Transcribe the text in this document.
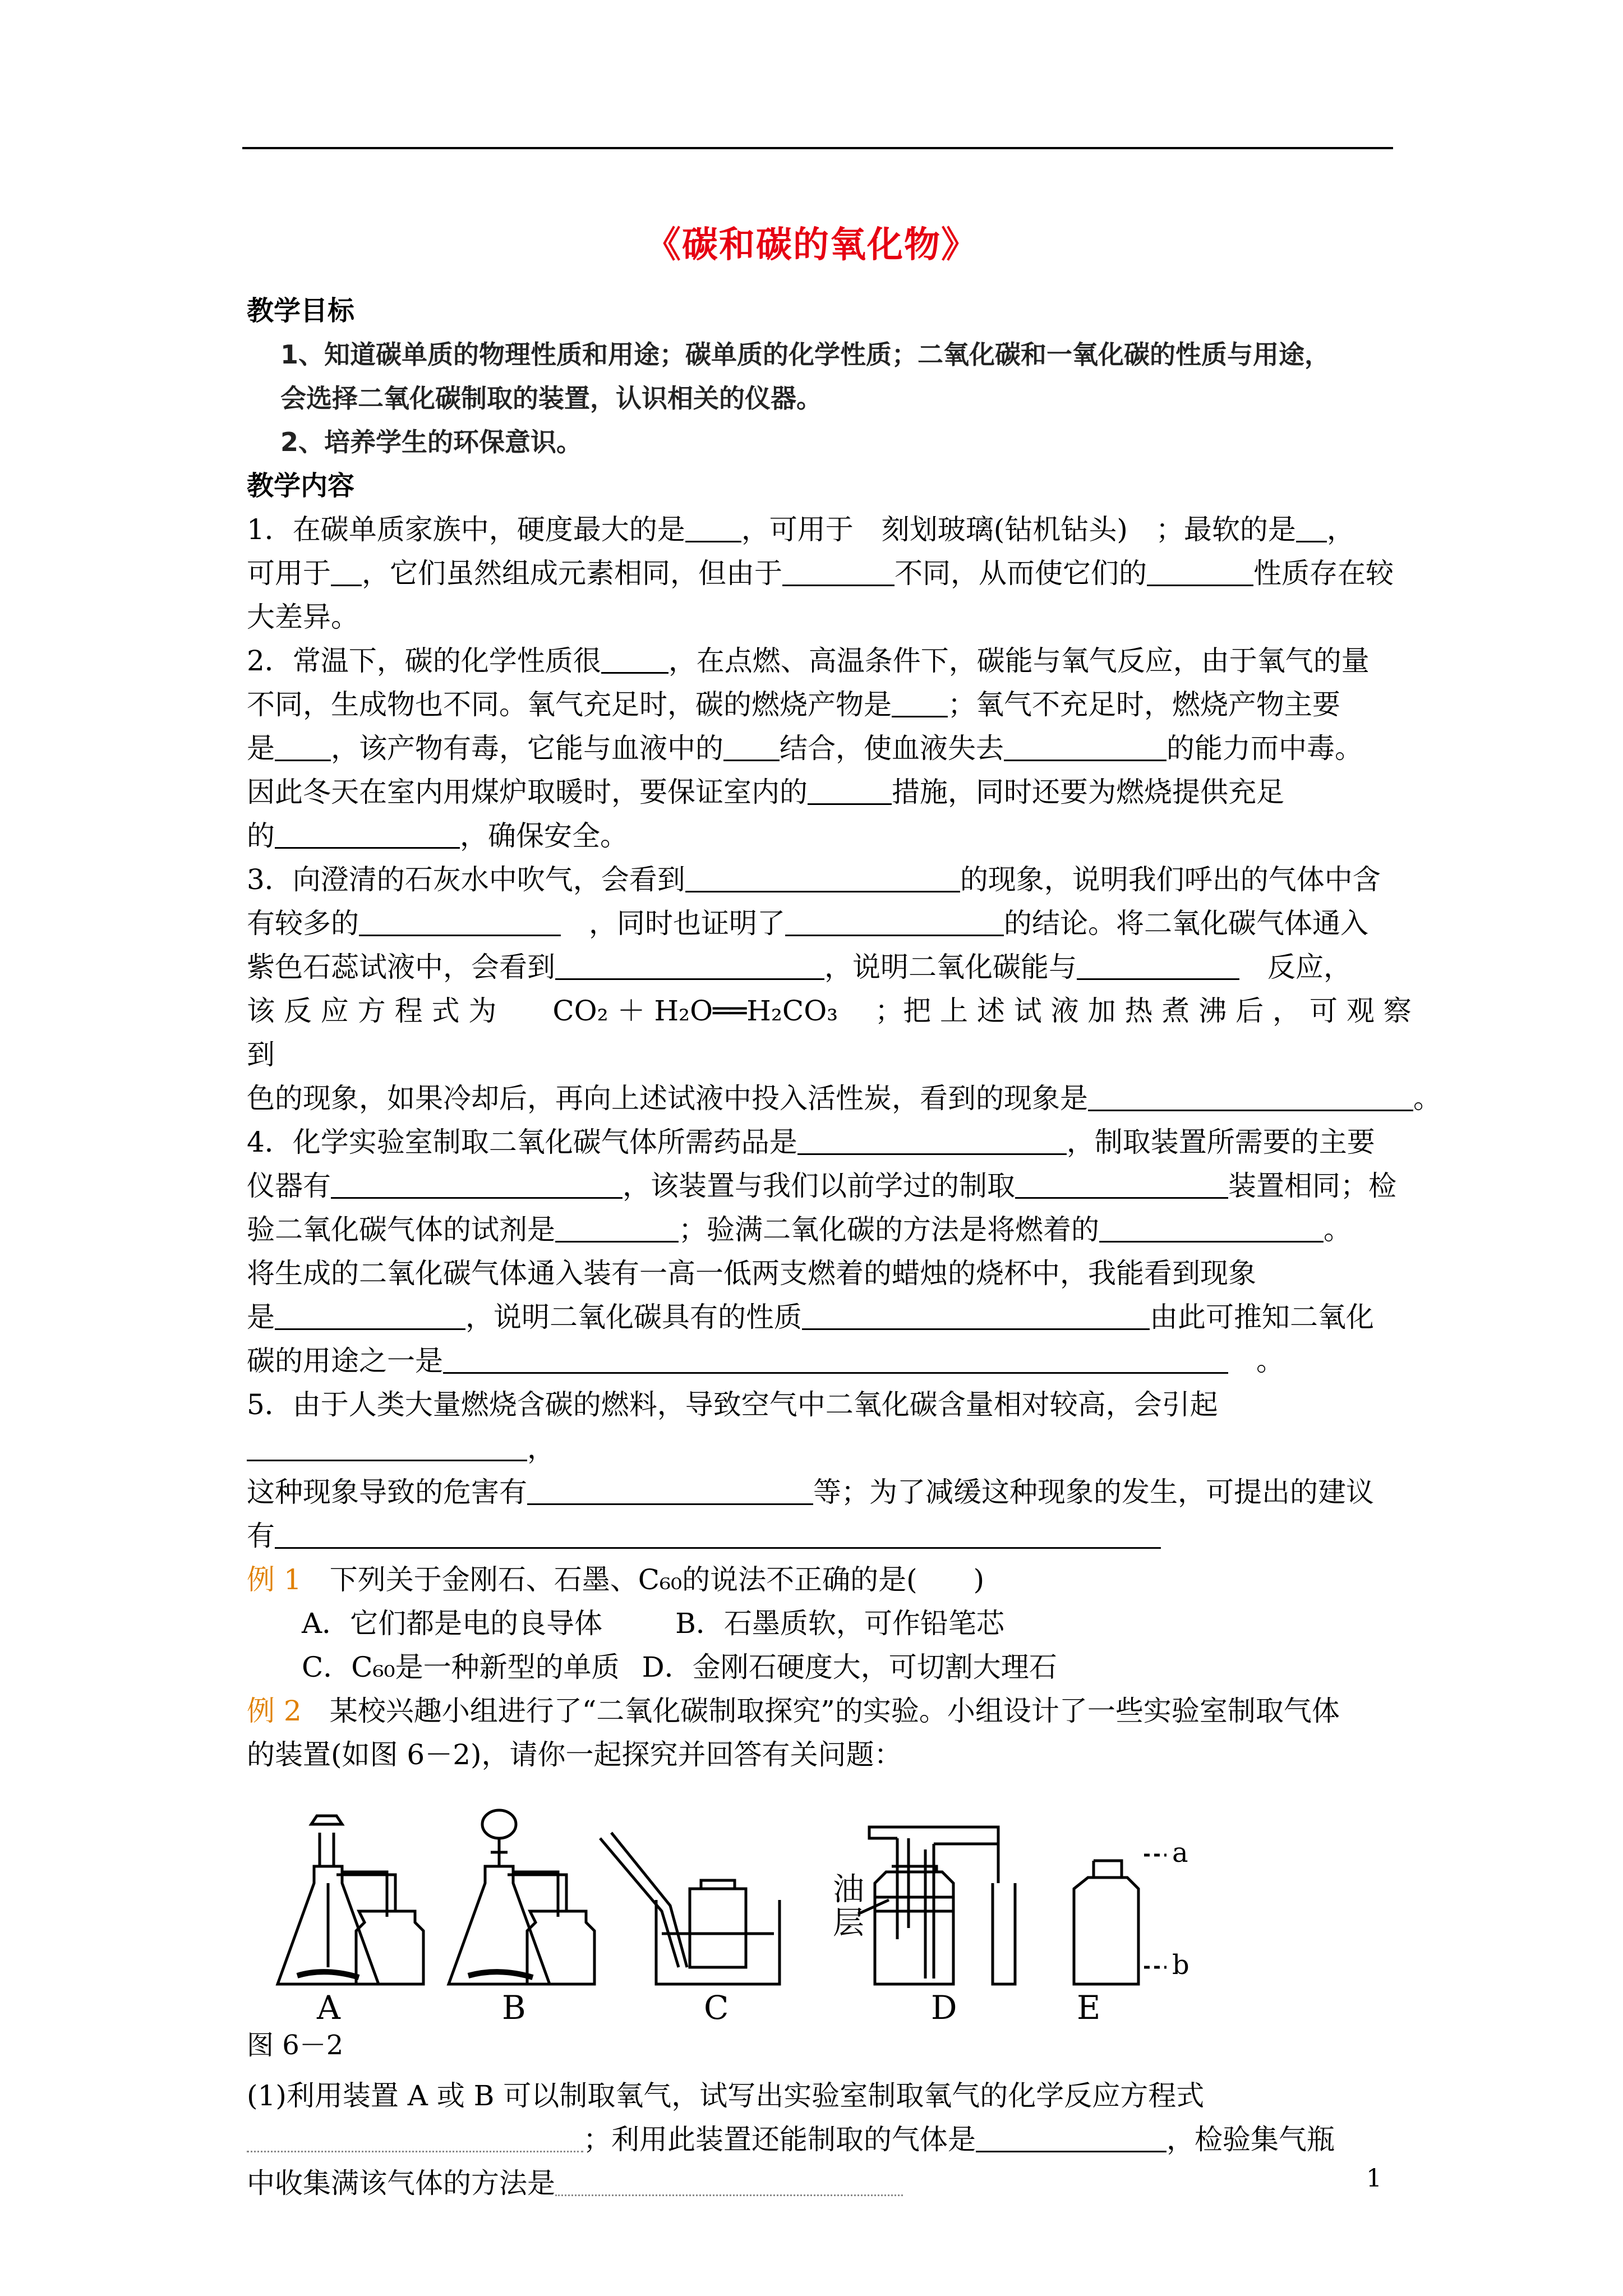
《碳和碳的氧化物》
教学目标
1、知道碳单质的物理性质和用途；碳单质的化学性质；二氧化碳和一氧化碳的性质与用途，
会选择二氧化碳制取的装置，认识相关的仪器。
2、培养学生的环保意识。
教学内容
1．在碳单质家族中，硬度最大的是 ，可用于　刻划玻璃(钻机钻头)　；最软的是 ，
可用于 ，它们虽然组成元素相同，但由于	不同，从而使它们的	性质存在较
大差异。
2．常温下，碳的化学性质很 ，在点燃、高温条件下，碳能与氧气反应，由于氧气的量
不同，生成物也不同。氧气充足时，碳的燃烧产物是 ；氧气不充足时，燃烧产物主要
是 ，该产物有毒，它能与血液中的 结合，使血液失去	的能力而中毒。
因此冬天在室内用煤炉取暖时，要保证室内的	措施，同时还要为燃烧提供充足
的	，确保安全。
3．向澄清的石灰水中吹气，会看到	的现象，说明我们呼出的气体中含
有较多的	　，同时也证明了	的结论。将二氧化碳气体通入
紫色石蕊试液中，会看到	，说明二氧化碳能与	　反应，
该 反 应 方 程 式 为　　CO₂ ＋ H₂O══H₂CO₃　 ；把 上 述 试 液 加 热 煮 沸 后 ， 可 观 察 到
色的现象，如果冷却后，再向上述试液中投入活性炭，看到的现象是	。
4．化学实验室制取二氧化碳气体所需药品是	，制取装置所需要的主要
仪器有	，该装置与我们以前学过的制取	装置相同；检
验二氧化碳气体的试剂是	；验满二氧化碳的方法是将燃着的	。
将生成的二氧化碳气体通入装有一高一低两支燃着的蜡烛的烧杯中，我能看到现象
是	，说明二氧化碳具有的性质	由此可推知二氧化
碳的用途之一是	　。
5．由于人类大量燃烧含碳的燃料，导致空气中二氧化碳含量相对较高，会引起，
这种现象导致的危害有	等；为了减缓这种现象的发生，可提出的建议
有
例 1　下列关于金刚石、石墨、C₆₀的说法不正确的是(　　)
A．它们都是电的良导体	B．石墨质软，可作铅笔芯
C．C₆₀是一种新型的单质 D．金刚石硬度大，可切割大理石
例 2　某校兴趣小组进行了“二氧化碳制取探究”的实验。小组设计了一些实验室制取气体
的装置(如图 6－2)，请你一起探究并回答有关问题：
油
层
a
b
A	B	C	D	E
图 6－2
(1)利用装置 A 或 B 可以制取氧气，试写出实验室制取氧气的化学反应方程式
；利用此装置还能制取的气体是	，检验集气瓶
中收集满该气体的方法是	1
